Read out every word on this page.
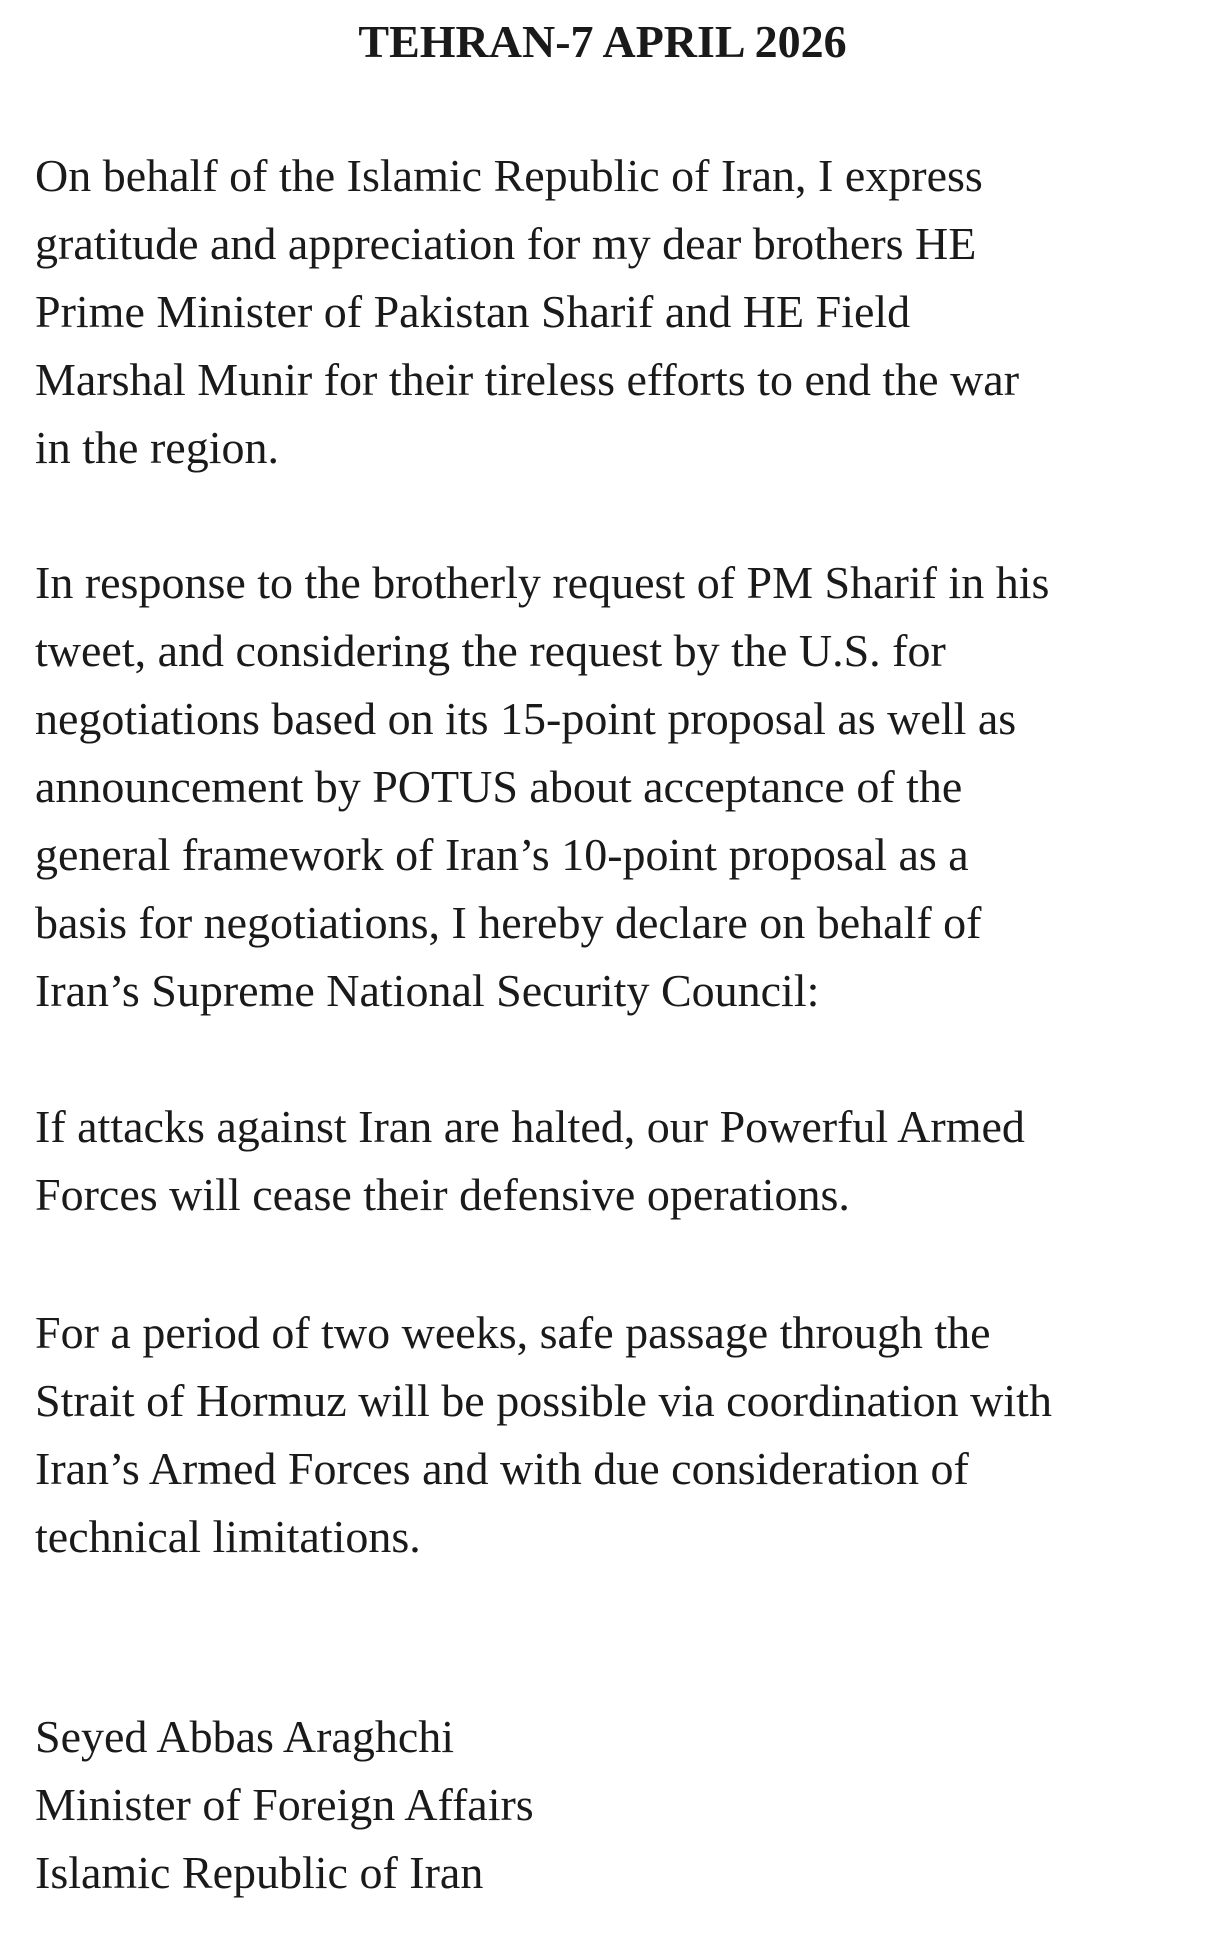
TEHRAN-7 APRIL 2026

On behalf of the Islamic Republic of Iran, I express
gratitude and appreciation for my dear brothers HE
Prime Minister of Pakistan Sharif and HE Field
Marshal Munir for their tireless efforts to end the war
in the region.

In response to the brotherly request of PM Sharif in his
tweet, and considering the request by the U.S. for
negotiations based on its 15-point proposal as well as
announcement by POTUS about acceptance of the
general framework of Iran’s 10-point proposal as a
basis for negotiations, I hereby declare on behalf of
Iran’s Supreme National Security Council:

If attacks against Iran are halted, our Powerful Armed
Forces will cease their defensive operations.

For a period of two weeks, safe passage through the
Strait of Hormuz will be possible via coordination with
Iran’s Armed Forces and with due consideration of
technical limitations.

Seyed Abbas Araghchi
Minister of Foreign Affairs
Islamic Republic of Iran
